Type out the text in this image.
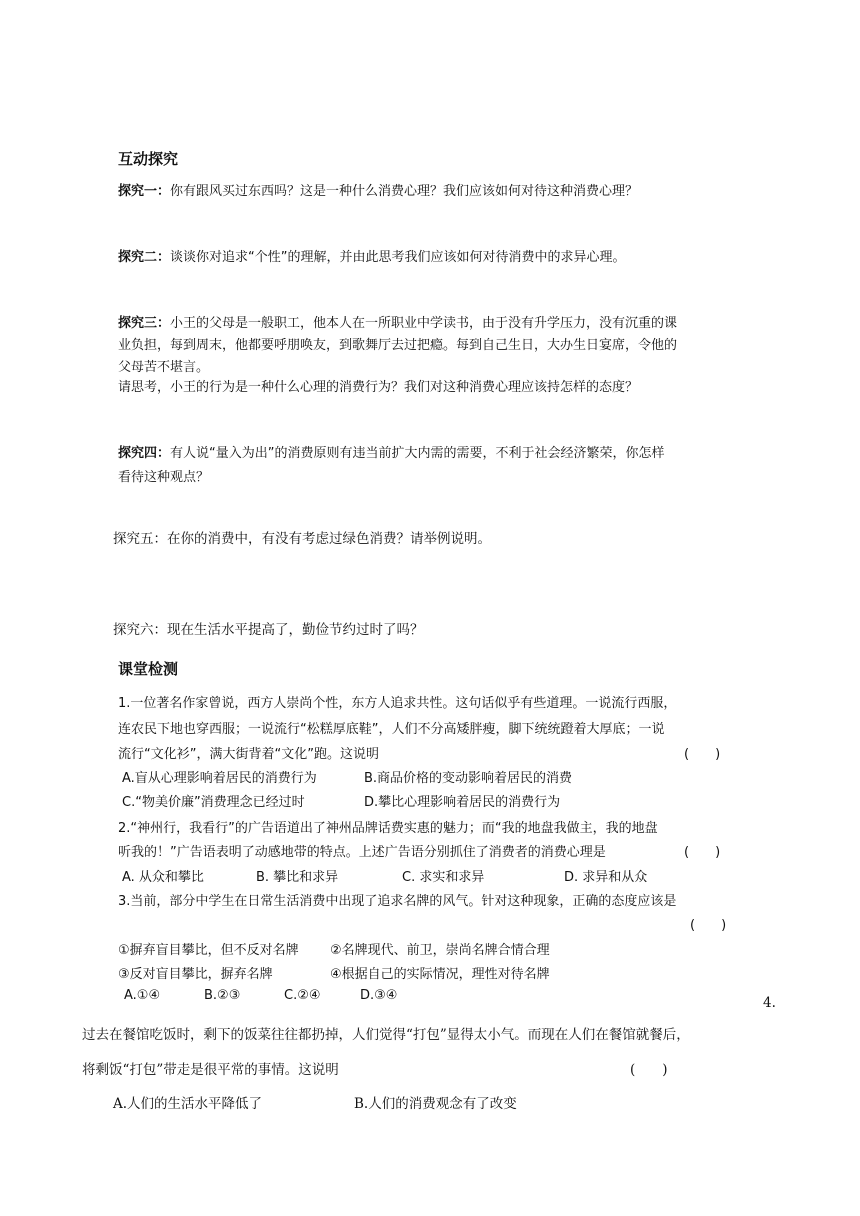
互动探究
探究一：你有跟风买过东西吗？这是一种什么消费心理？我们应该如何对待这种消费心理？
探究二：谈谈你对追求“个性”的理解，并由此思考我们应该如何对待消费中的求异心理。
探究三：小王的父母是一般职工，他本人在一所职业中学读书，由于没有升学压力，没有沉重的课
业负担，每到周末，他都要呼朋唤友，到歌舞厅去过把瘾。每到自己生日，大办生日宴席，令他的
父母苦不堪言。
请思考，小王的行为是一种什么心理的消费行为？我们对这种消费心理应该持怎样的态度？
探究四：有人说“量入为出”的消费原则有违当前扩大内需的需要，不利于社会经济繁荣，你怎样
看待这种观点？
探究五：在你的消费中，有没有考虑过绿色消费？请举例说明。
探究六：现在生活水平提高了，勤俭节约过时了吗？
课堂检测
1.一位著名作家曾说，西方人崇尚个性，东方人追求共性。这句话似乎有些道理。一说流行西服，
连农民下地也穿西服；一说流行“松糕厚底鞋”，人们不分高矮胖瘦，脚下统统蹬着大厚底；一说
流行“文化衫”，满大街背着“文化”跑。这说明	(　　)
A.盲从心理影响着居民的消费行为	B.商品价格的变动影响着居民的消费
C.“物美价廉”消费理念已经过时	D.攀比心理影响着居民的消费行为
2.“神州行，我看行”的广告语道出了神州品牌话费实惠的魅力；而“我的地盘我做主，我的地盘
听我的！”广告语表明了动感地带的特点。上述广告语分别抓住了消费者的消费心理是	(　　)
A. 从众和攀比	B. 攀比和求异	C. 求实和求异	D. 求异和从众
3.当前，部分中学生在日常生活消费中出现了追求名牌的风气。针对这种现象，正确的态度应该是
(　　)
①摒弃盲目攀比，但不反对名牌 ②名牌现代、前卫，崇尚名牌合情合理
③反对盲目攀比，摒弃名牌	④根据自己的实际情况，理性对待名牌
A.①④	B.②③	C.②④	D.③④	4.
过去在餐馆吃饭时，剩下的饭菜往往都扔掉，人们觉得“打包”显得太小气。而现在人们在餐馆就餐后，
将剩饭“打包”带走是很平常的事情。这说明	(　　)
A.人们的生活水平降低了	B.人们的消费观念有了改变
